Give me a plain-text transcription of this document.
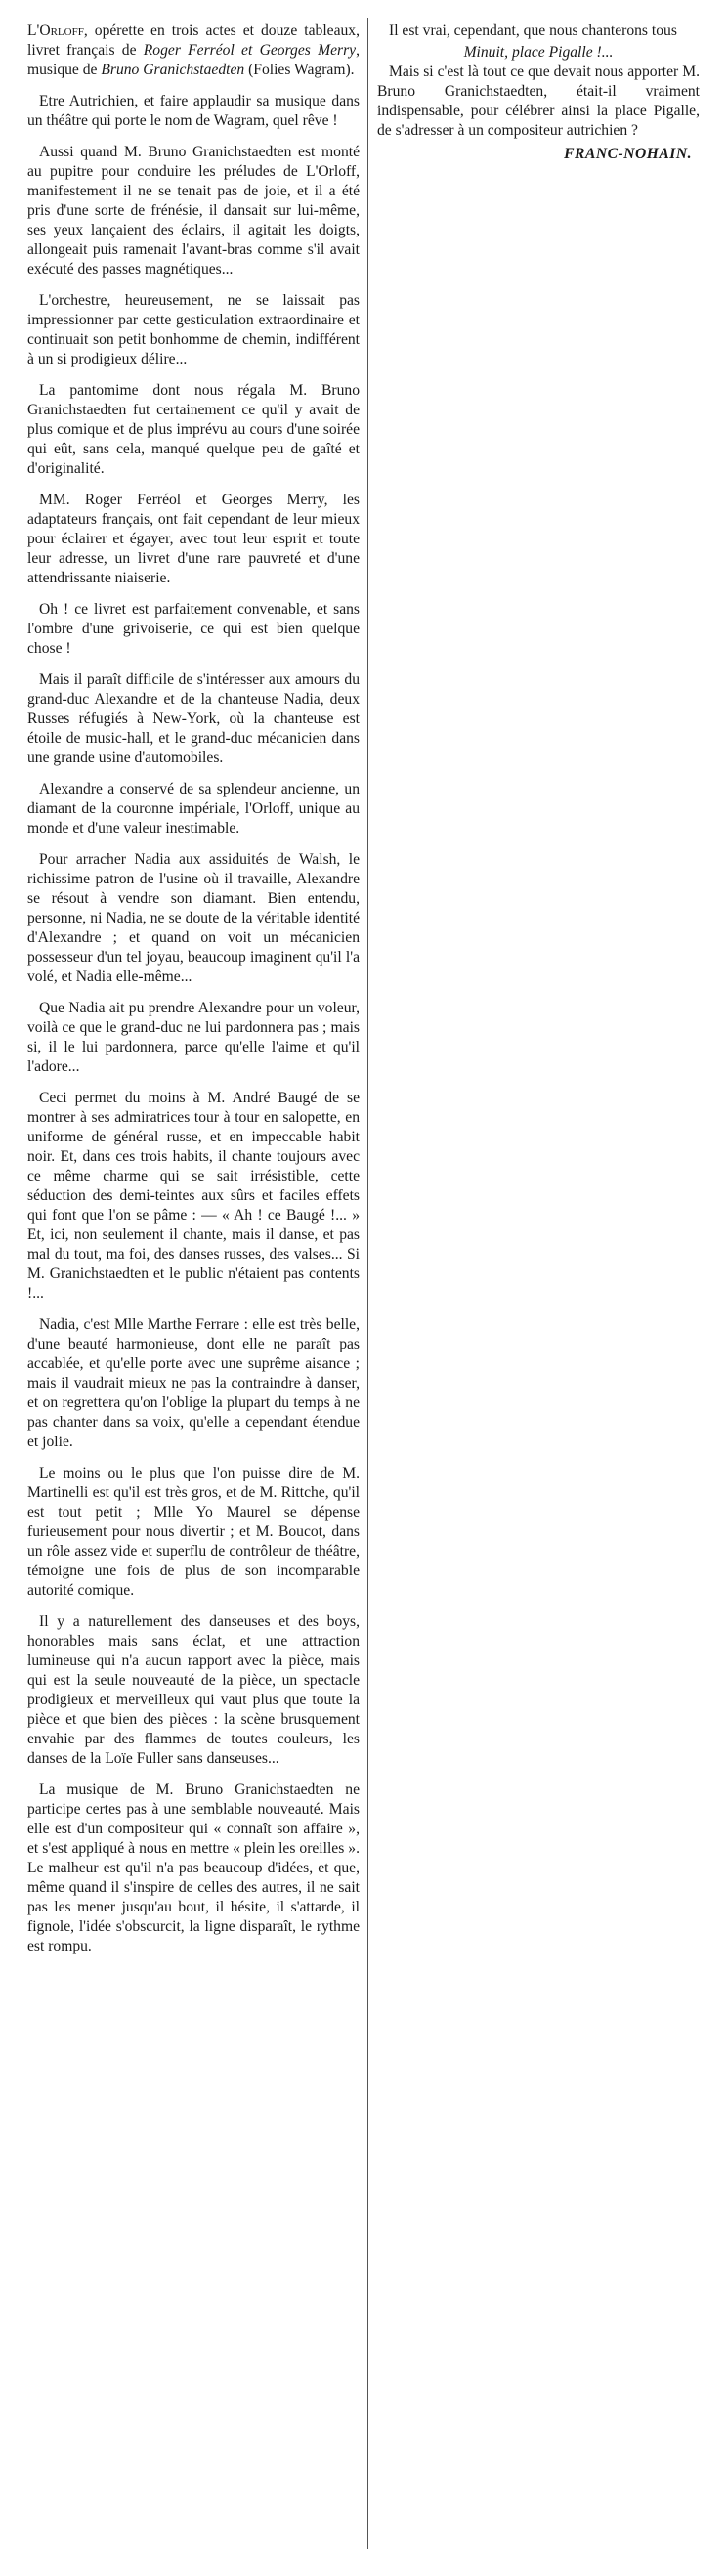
L'Orloff, opérette en trois actes et douze tableaux, livret français de Roger Ferréol et Georges Merry, musique de Bruno Granichstaedten (Folies Wagram).

Etre Autrichien, et faire applaudir sa musique dans un théâtre qui porte le nom de Wagram, quel rêve !

Aussi quand M. Bruno Granichstaedten est monté au pupitre pour conduire les préludes de L'Orloff, manifestement il ne se tenait pas de joie, et il a été pris d'une sorte de frénésie, il dansait sur lui-même, ses yeux lançaient des éclairs, il agitait les doigts, allongeait puis ramenait l'avant-bras comme s'il avait exécuté des passes magnétiques...

L'orchestre, heureusement, ne se laissait pas impressionner par cette gesticulation extraordinaire et continuait son petit bonhomme de chemin, indifférent à un si prodigieux délire...

La pantomime dont nous régala M. Bruno Granichstaedten fut certainement ce qu'il y avait de plus comique et de plus imprévu au cours d'une soirée qui eût, sans cela, manqué quelque peu de gaîté et d'originalité.

MM. Roger Ferréol et Georges Merry, les adaptateurs français, ont fait cependant de leur mieux pour éclairer et égayer, avec tout leur esprit et toute leur adresse, un livret d'une rare pauvreté et d'une attendrissante niaiserie.

Oh ! ce livret est parfaitement convenable, et sans l'ombre d'une grivoiserie, ce qui est bien quelque chose !

Mais il paraît difficile de s'intéresser aux amours du grand-duc Alexandre et de la chanteuse Nadia, deux Russes réfugiés à New-York, où la chanteuse est étoile de music-hall, et le grand-duc mécanicien dans une grande usine d'automobiles.

Alexandre a conservé de sa splendeur ancienne, un diamant de la couronne impériale, l'Orloff, unique au monde et d'une valeur inestimable.

Pour arracher Nadia aux assiduités de Walsh, le richissime patron de l'usine où il travaille, Alexandre se résout à vendre son diamant. Bien entendu, personne, ni Nadia, ne se doute de la véritable identité d'Alexandre ; et quand on voit un mécanicien possesseur d'un tel joyau, beaucoup imaginent qu'il l'a volé, et Nadia elle-même...

Que Nadia ait pu prendre Alexandre pour un voleur, voilà ce que le grand-duc ne lui pardonnera pas ; mais si, il le lui pardonnera, parce qu'elle l'aime et qu'il l'adore...

Ceci permet du moins à M. André Baugé de se montrer à ses admiratrices tour à tour en salopette, en uniforme de général russe, et en impeccable habit noir. Et, dans ces trois habits, il chante toujours avec ce même charme qui se sait irrésistible, cette séduction des demi-teintes aux sûrs et faciles effets qui font que l'on se pâme : — « Ah ! ce Baugé !... » Et, ici, non seulement il chante, mais il danse, et pas mal du tout, ma foi, des danses russes, des valses... Si M. Granichstaedten et le public n'étaient pas contents !...

Nadia, c'est Mlle Marthe Ferrare : elle est très belle, d'une beauté harmonieuse, dont elle ne paraît pas accablée, et qu'elle porte avec une suprême aisance ; mais il vaudrait mieux ne pas la contraindre à danser, et on regrettera qu'on l'oblige la plupart du temps à ne pas chanter dans sa voix, qu'elle a cependant étendue et jolie.

Le moins ou le plus que l'on puisse dire de M. Martinelli est qu'il est très gros, et de M. Rittche, qu'il est tout petit ; Mlle Yo Maurel se dépense furieusement pour nous divertir ; et M. Boucot, dans un rôle assez vide et superflu de contrôleur de théâtre, témoigne une fois de plus de son incomparable autorité comique.

Il y a naturellement des danseuses et des boys, honorables mais sans éclat, et une attraction lumineuse qui n'a aucun rapport avec la pièce, mais qui est la seule nouveauté de la pièce, un spectacle prodigieux et merveilleux qui vaut plus que toute la pièce et que bien des pièces : la scène brusquement envahie par des flammes de toutes couleurs, les danses de la Loïe Fuller sans danseuses...

La musique de M. Bruno Granichstaedten ne participe certes pas à une semblable nouveauté. Mais elle est d'un compositeur qui « connaît son affaire », et s'est appliqué à nous en mettre « plein les oreilles ». Le malheur est qu'il n'a pas beaucoup d'idées, et que, même quand il s'inspire de celles des autres, il ne sait pas les mener jusqu'au bout, il hésite, il s'attarde, il fignole, l'idée s'obscurcit, la ligne disparaît, le rythme est rompu.

Il est vrai, cependant, que nous chanterons tous

Minuit, place Pigalle !...

Mais si c'est là tout ce que devait nous apporter M. Bruno Granichstaedten, était-il vraiment indispensable, pour célébrer ainsi la place Pigalle, de s'adresser à un compositeur autrichien ?

FRANC-NOHAIN.
